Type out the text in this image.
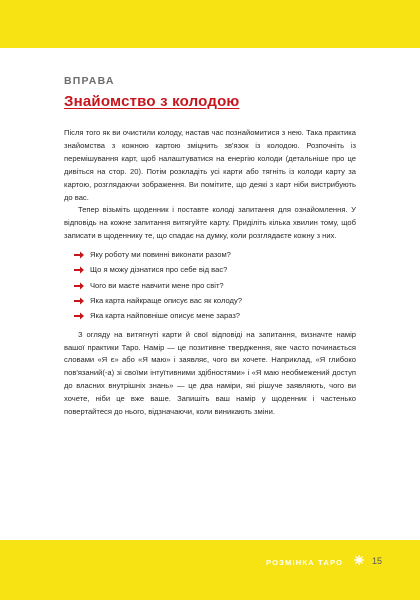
ВПРАВА
Знайомство з колодою

Після того як ви очистили колоду, настав час познайомитися з нею. Така практика знайомства з кожною картою зміцнить зв'язок із колодою. Розпочніть із перемішування карт, щоб налаштуватися на енергію колоди (детальніше про це дивіться на стор. 20). Потім розкладіть усі карти або тягніть із колоди карту за картою, розглядаючи зображення. Ви помітите, що деякі з карт ніби вистрибують до вас.

Тепер візьміть щоденник і поставте колоді запитання для ознайомлення. У відповідь на кожне запитання витягуйте карту. Приділіть кілька хвилин тому, щоб записати в щоденнику те, що спадає на думку, коли розглядаєте кожну з них.

Яку роботу ми повинні виконати разом?
Що я можу дізнатися про себе від вас?
Чого ви маєте навчити мене про світ?
Яка карта найкраще описує вас як колоду?
Яка карта найповніше описує мене зараз?

З огляду на витягнуті карти й свої відповіді на запитання, визначте намір вашої практики Таро. Намір — це позитивне твердження, яке часто починається словами «Я є» або «Я маю» і заявляє, чого ви хочете. Наприклад, «Я глибоко пов'язаний(-а) зі своїми інтуїтивними здібностями» і «Я маю необмежений доступ до власних внутрішніх знань» — це два наміри, які рішуче заявляють, чого ви хочете, ніби це вже ваше. Запишіть ваш намір у щоденник і частенько повертайтеся до нього, відзначаючи, коли виникають зміни.

РОЗМІНКА ТАРО	15
